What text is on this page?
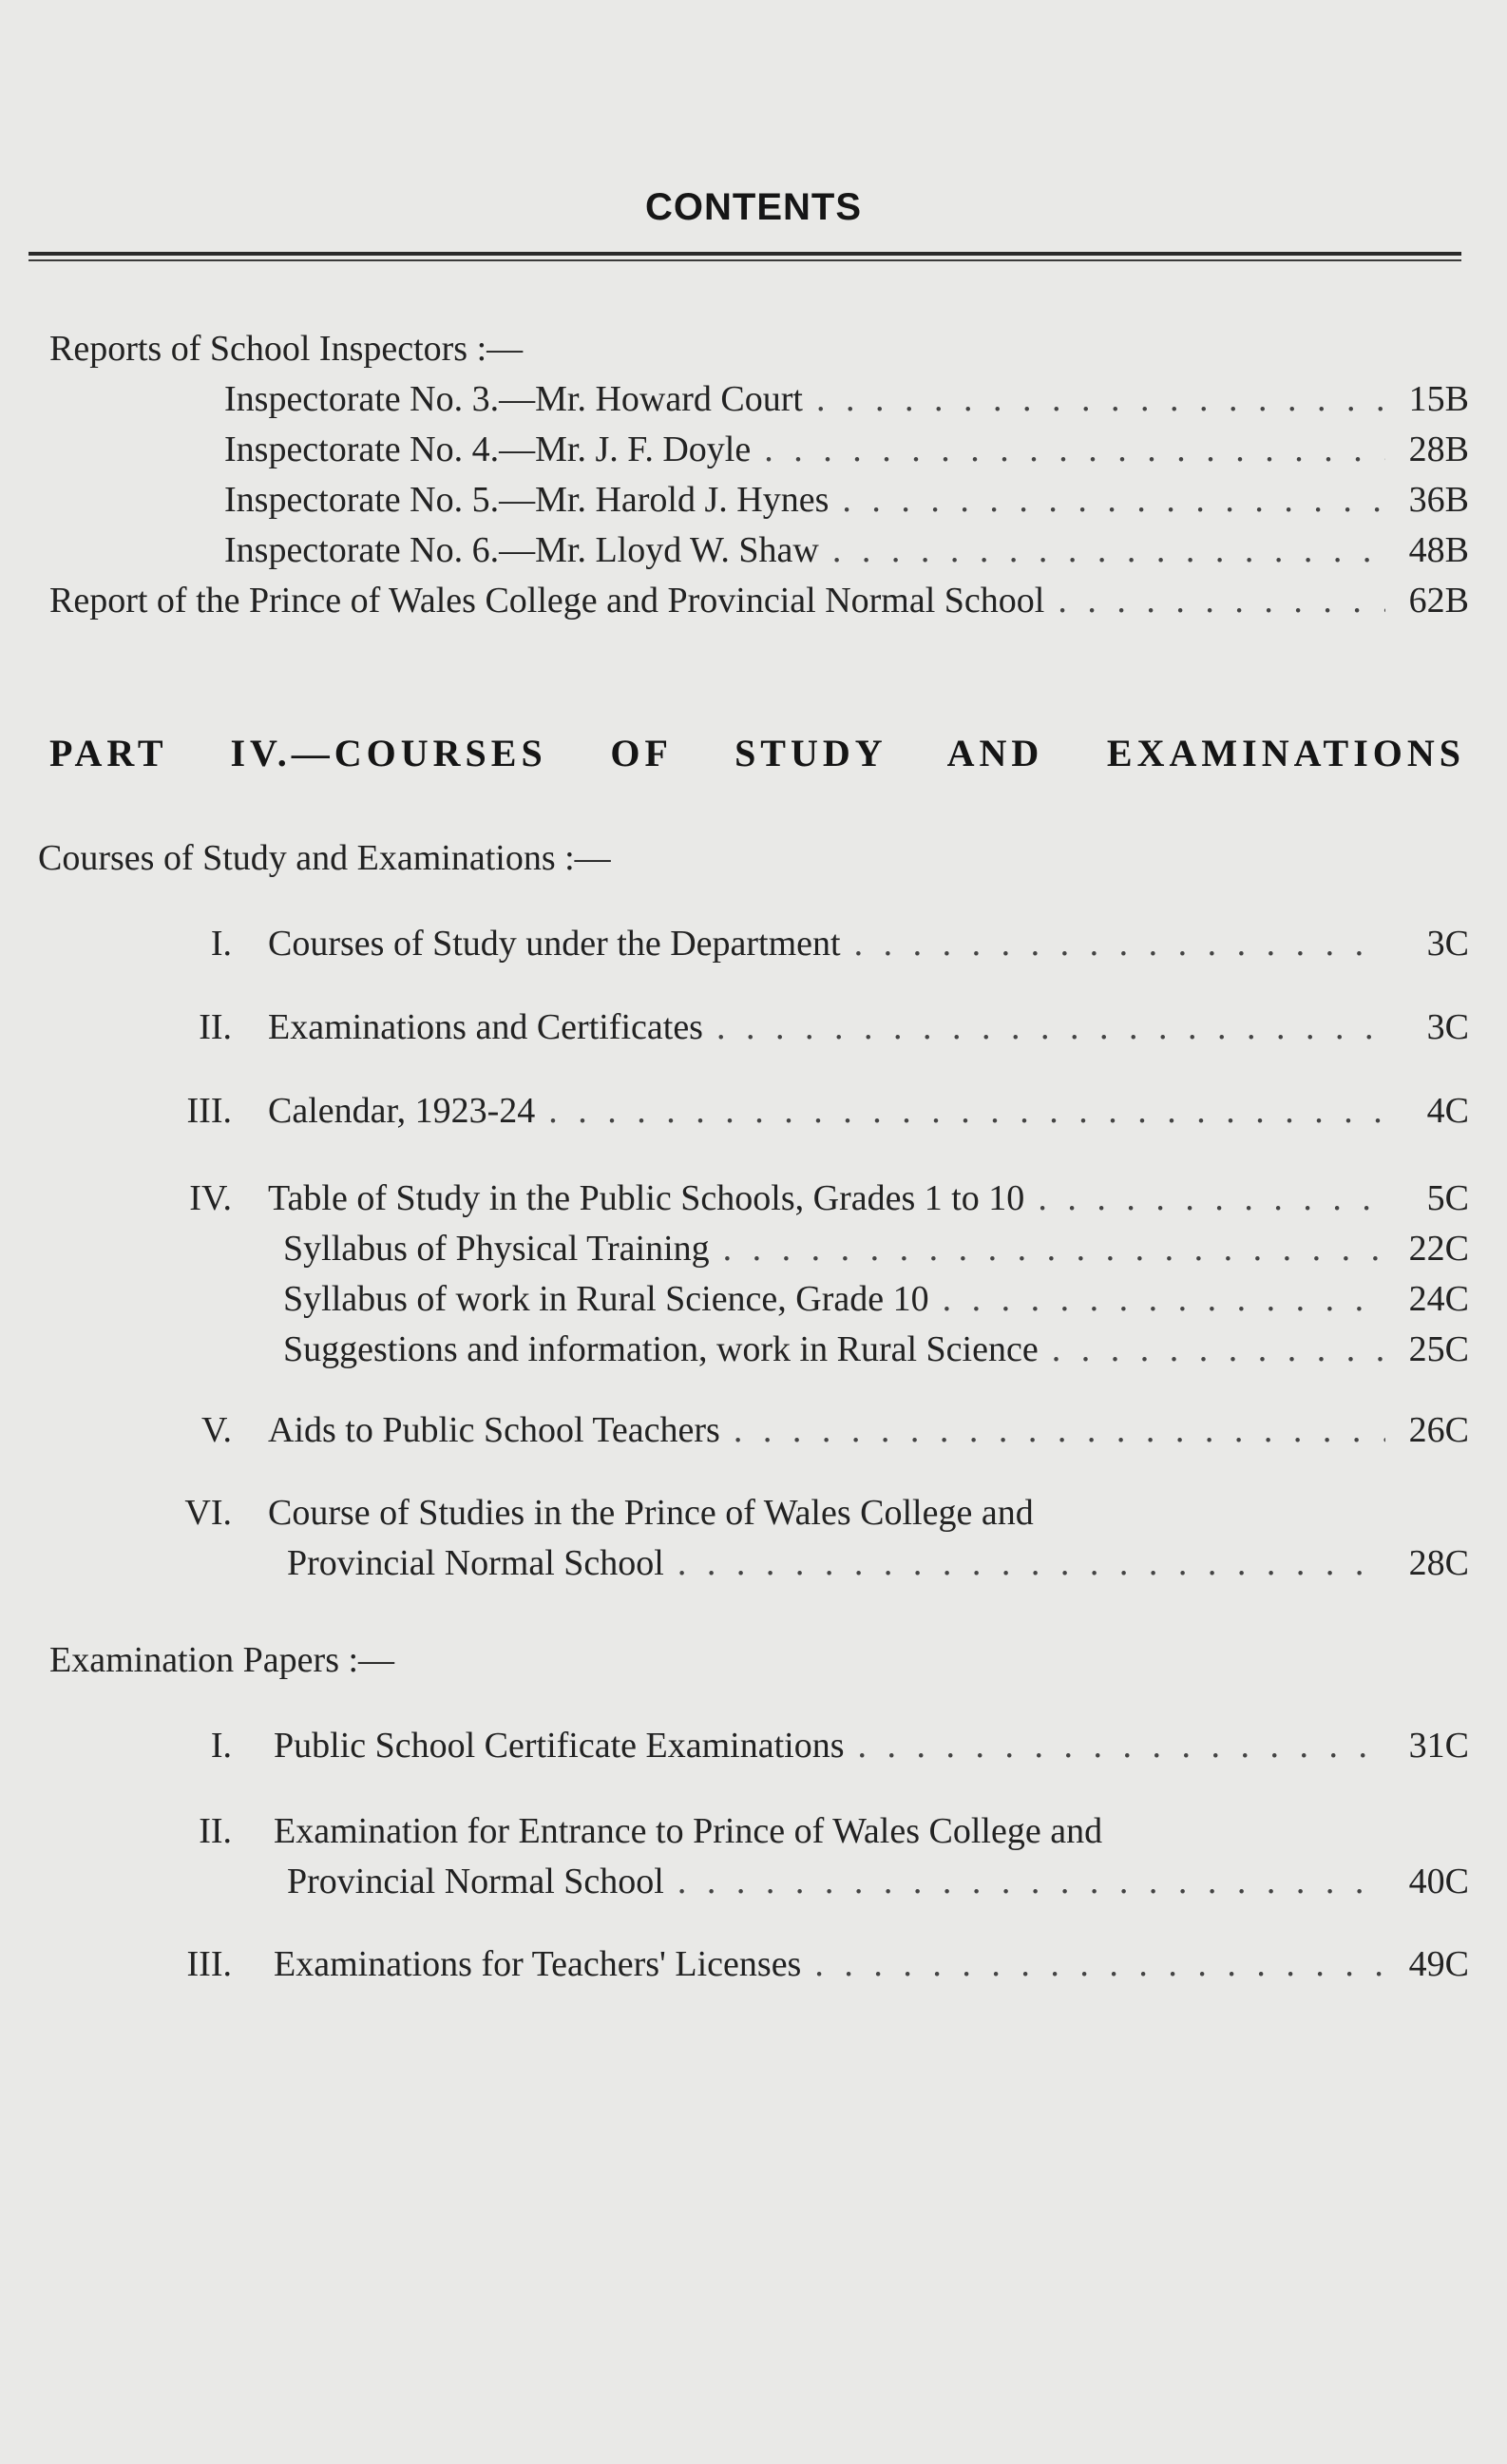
CONTENTS
Reports of School Inspectors :—
Inspectorate No. 3.—Mr. Howard Court . . .	15B
Inspectorate No. 4.—Mr. J. F. Doyle . . .	28B
Inspectorate No. 5.—Mr. Harold J. Hynes . . .	36B
Inspectorate No. 6.—Mr. Lloyd W. Shaw . . .	48B
Report of the Prince of Wales College and Provincial Normal School . . .	62B
PART IV.—COURSES OF STUDY AND EXAMINATIONS
Courses of Study and Examinations :—
I. Courses of Study under the Department . . .	3C
II. Examinations and Certificates . . .	3C
III. Calendar, 1923-24 . . .	4C
IV. Table of Study in the Public Schools, Grades 1 to 10 . . .	5C
Syllabus of Physical Training . . .	22C
Syllabus of work in Rural Science, Grade 10 . . .	24C
Suggestions and information, work in Rural Science . . .	25C
V. Aids to Public School Teachers . . .	26C
VI. Course of Studies in the Prince of Wales College and
Provincial Normal School . . .	28C
Examination Papers :—
I. Public School Certificate Examinations . . .	31C
II. Examination for Entrance to Prince of Wales College and
Provincial Normal School . . .	40C
III. Examinations for Teachers' Licenses . . .	49C
